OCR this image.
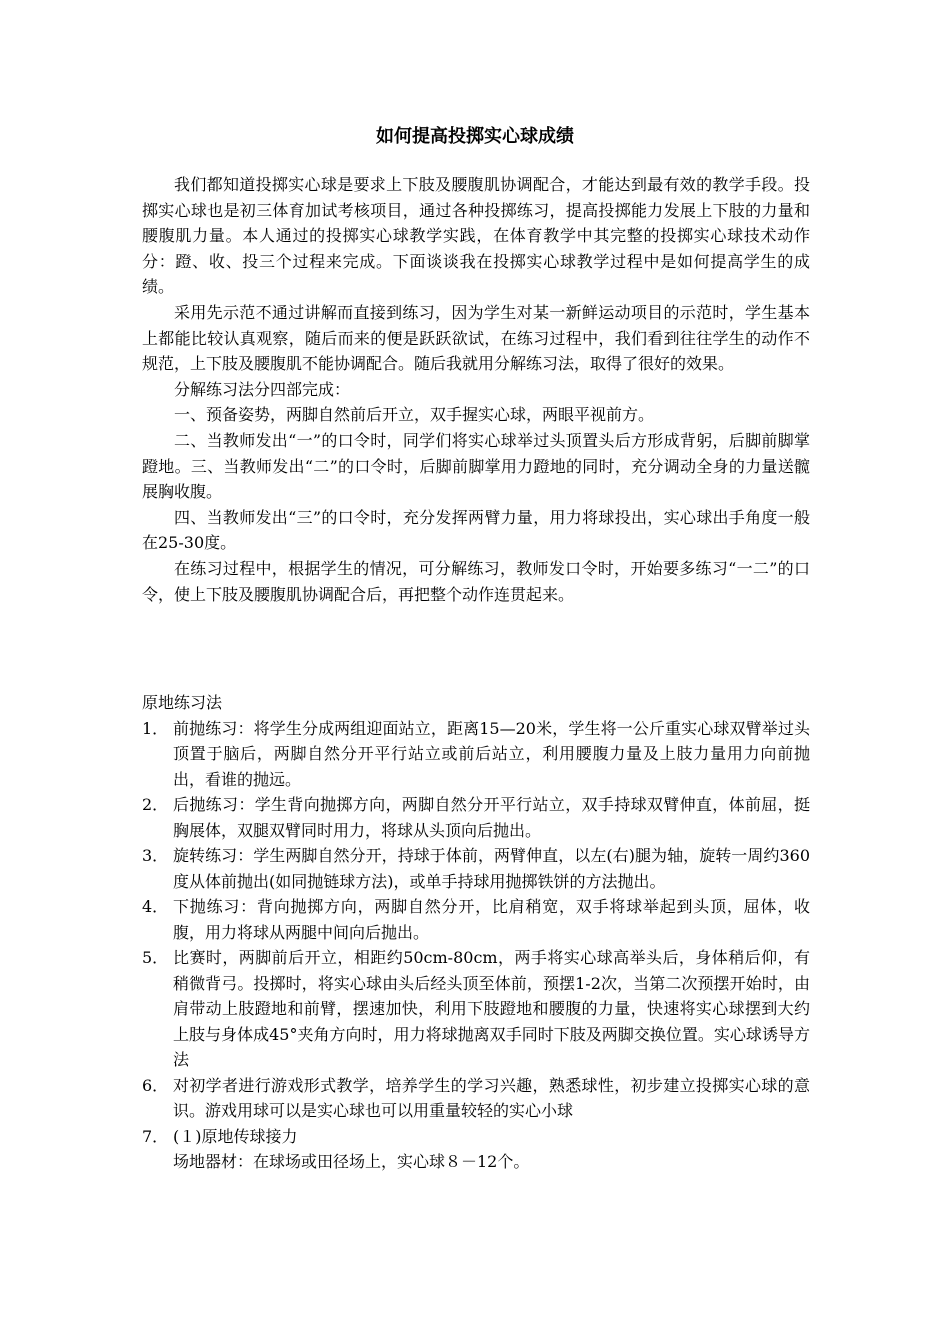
如何提高投掷实心球成绩

我们都知道投掷实心球是要求上下肢及腰腹肌协调配合，才能达到最有效的教学手段。投掷实心球也是初三体育加试考核项目，通过各种投掷练习，提高投掷能力发展上下肢的力量和腰腹肌力量。本人通过的投掷实心球教学实践，在体育教学中其完整的投掷实心球技术动作分：蹬、收、投三个过程来完成。下面谈谈我在投掷实心球教学过程中是如何提高学生的成绩。

采用先示范不通过讲解而直接到练习，因为学生对某一新鲜运动项目的示范时，学生基本上都能比较认真观察，随后而来的便是跃跃欲试，在练习过程中，我们看到往往学生的动作不规范，上下肢及腰腹肌不能协调配合。随后我就用分解练习法，取得了很好的效果。

分解练习法分四部完成：

一、预备姿势，两脚自然前后开立，双手握实心球，两眼平视前方。

二、当教师发出“一”的口令时，同学们将实心球举过头顶置头后方形成背躬，后脚前脚掌蹬地。三、当教师发出“二”的口令时，后脚前脚掌用力蹬地的同时，充分调动全身的力量送髋展胸收腹。

四、当教师发出“三”的口令时，充分发挥两臂力量，用力将球投出，实心球出手角度一般在25-30度。

在练习过程中，根据学生的情况，可分解练习，教师发口令时，开始要多练习“一二”的口令，使上下肢及腰腹肌协调配合后，再把整个动作连贯起来。

原地练习法

1． 前抛练习：将学生分成两组迎面站立，距离15—20米，学生将一公斤重实心球双臂举过头顶置于脑后，两脚自然分开平行站立或前后站立，利用腰腹力量及上肢力量用力向前抛出，看谁的抛远。
2． 后抛练习：学生背向抛掷方向，两脚自然分开平行站立，双手持球双臂伸直，体前屈，挺胸展体，双腿双臂同时用力，将球从头顶向后抛出。
3． 旋转练习：学生两脚自然分开，持球于体前，两臂伸直，以左(右)腿为轴，旋转一周约360度从体前抛出(如同抛链球方法)，或单手持球用抛掷铁饼的方法抛出。
4． 下抛练习：背向抛掷方向，两脚自然分开，比肩稍宽，双手将球举起到头顶，屈体，收腹，用力将球从两腿中间向后抛出。
5． 比赛时，两脚前后开立，相距约50cm-80cm，两手将实心球高举头后，身体稍后仰，有稍微背弓。投掷时，将实心球由头后经头顶至体前，预摆1-2次，当第二次预摆开始时，由肩带动上肢蹬地和前臂，摆速加快，利用下肢蹬地和腰腹的力量，快速将实心球摆到大约上肢与身体成45°夹角方向时，用力将球抛离双手同时下肢及两脚交换位置。实心球诱导方法
6． 对初学者进行游戏形式教学，培养学生的学习兴趣，熟悉球性，初步建立投掷实心球的意识。游戏用球可以是实心球也可以用重量较轻的实心小球
7． (１)原地传球接力
场地器材：在球场或田径场上，实心球８－12个。
